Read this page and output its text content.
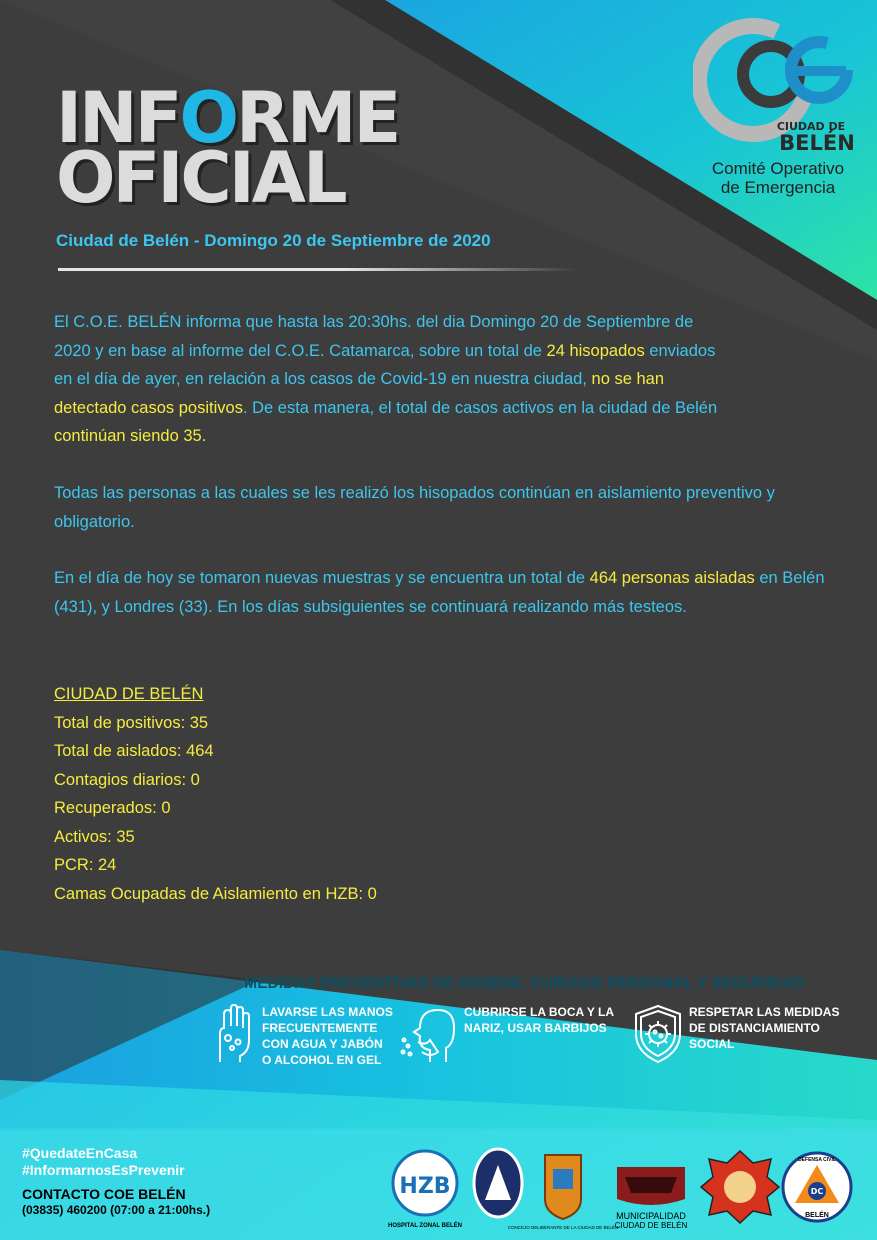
INFORME
OFICIAL
Ciudad de Belén - Domingo 20 de Septiembre de 2020
CIUDAD DE
BELÉN
Comité Operativo
de Emergencia

El C.O.E. BELÉN informa que hasta las 20:30hs. del dia Domingo 20 de Septiembre de 2020 y en base al informe del C.O.E. Catamarca, sobre un total de 24 hisopados enviados en el día de ayer, en relación a los casos de Covid-19 en nuestra ciudad, no se han detectado casos positivos. De esta manera, el total de casos activos en la ciudad de Belén continúan siendo 35.

Todas las personas a las cuales se les realizó los hisopados continúan en aislamiento preventivo y obligatorio.

En el día de hoy se tomaron nuevas muestras y se encuentra un total de 464 personas aisladas en Belén (431), y Londres (33). En los días subsiguientes se continuará realizando más testeos.

CIUDAD DE BELÉN
Total de positivos: 35
Total de aislados: 464
Contagios diarios: 0
Recuperados: 0
Activos: 35
PCR: 24
Camas Ocupadas de Aislamiento en HZB: 0
MEDIDAS PREVENTIVAS DE HIGIENE, CUIDADO PERSONAL Y SEGURIDAD
LAVARSE LAS MANOS
FRECUENTEMENTE
CON AGUA Y JABÓN
O ALCOHOL EN GEL
CUBRIRSE LA BOCA Y LA
NARIZ, USAR BARBIJOS
RESPETAR LAS MEDIDAS
DE DISTANCIAMIENTO
SOCIAL
#QuedateEnCasa
#InformarnosEsPrevenir
CONTACTO COE BELÉN
(03835) 460200 (07:00 a 21:00hs.)
HZB
HOSPITAL ZONAL BELÉN	CONCEJO DELIBERANTE DE LA CIUDAD DE BELÉN
MUNICIPALIDAD
CIUDAD DE BELÉN
DC
DEFENSA CIVIL
BELÉN
